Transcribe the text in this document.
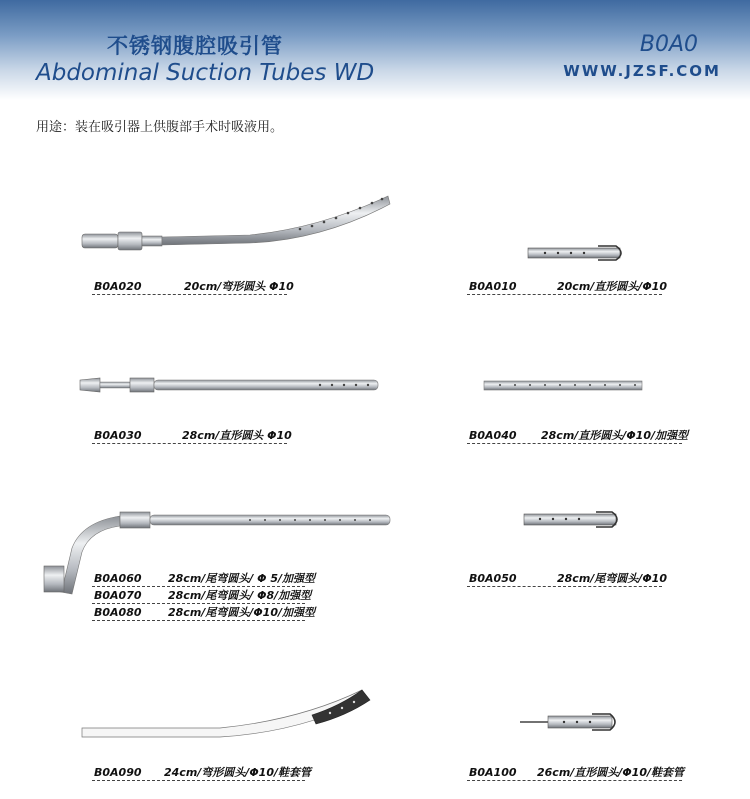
不锈钢腹腔吸引管
Abdominal Suction Tubes WD
B0A0
WWW.JZSF.COM
用途：装在吸引器上供腹部手术时吸液用。
B0A020	20cm/弯形圆头 Φ10	B0A010	20cm/直形圆头/Φ10
B0A030	28cm/直形圆头 Φ10	B0A040 28cm/直形圆头/Φ10/加强型
B0A060 28cm/尾弯圆头/ Φ 5/加强型
B0A070 28cm/尾弯圆头/ Φ8/加强型
B0A080 28cm/尾弯圆头/Φ10/加强型
B0A050	28cm/尾弯圆头/Φ10
B0A090 24cm/弯形圆头/Φ10/鞋套管	B0A100 26cm/直形圆头/Φ10/鞋套管
